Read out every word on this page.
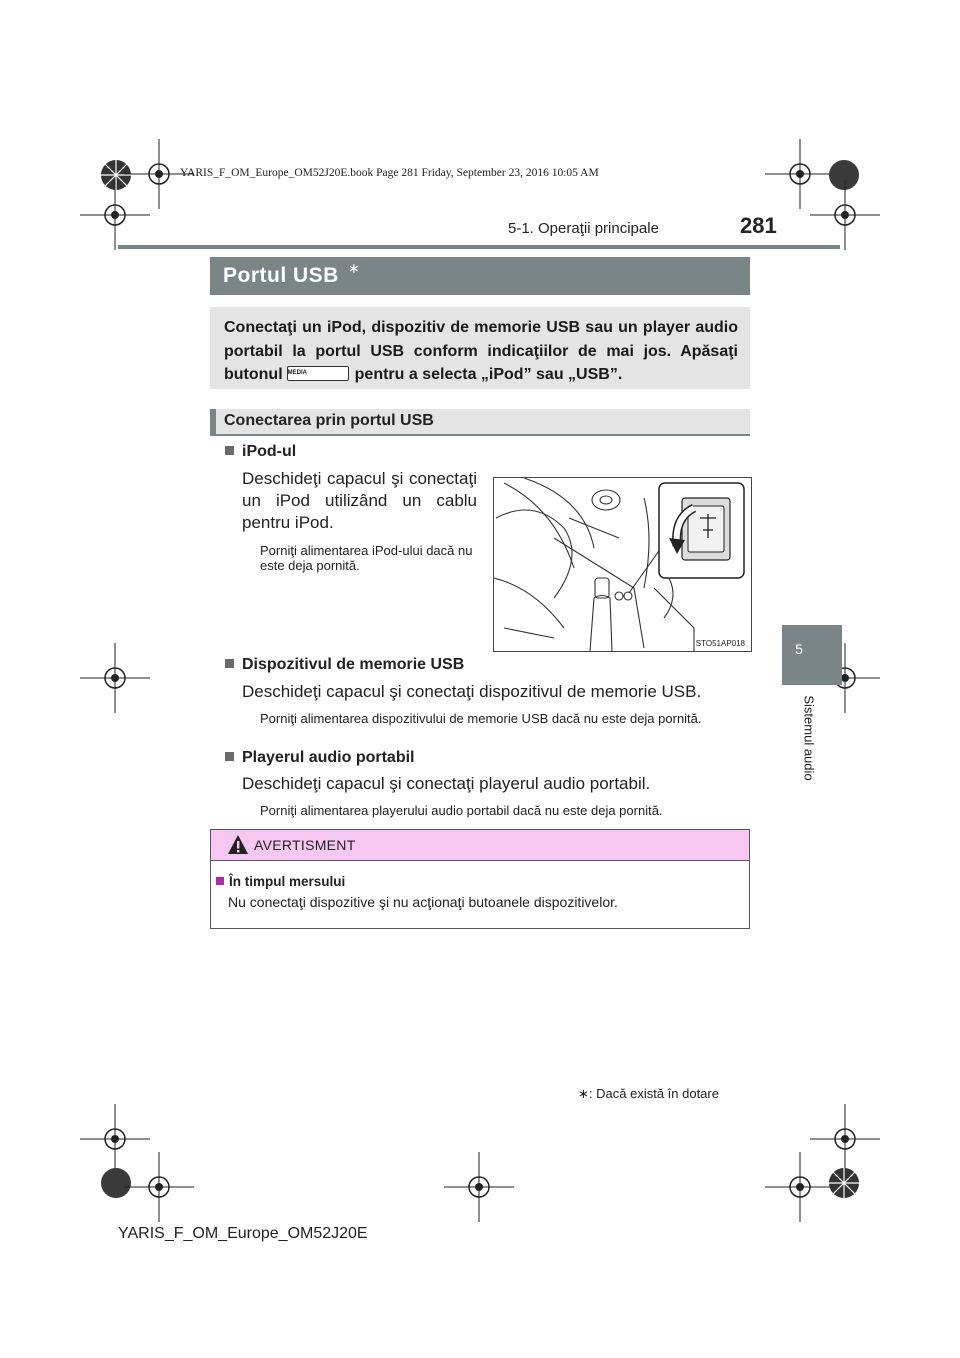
YARIS_F_OM_Europe_OM52J20E.book Page 281 Friday, September 23, 2016 10:05 AM
5-1. Operaţii principale	281
5
Sistemul audio
Portul USB ∗

Conectaţi un iPod, dispozitiv de memorie USB sau un player audio portabil la portul USB conform indicaţiilor de mai jos. Apăsaţi butonul MEDIA	pentru a selecta „iPod” sau „USB”.

Conectarea prin portul USB
iPod-ul
Deschideţi capacul şi conectaţi un iPod utilizând un cablu pentru iPod.
Porniţi alimentarea iPod-ului dacă nu este deja pornită.
STO51AP018
Dispozitivul de memorie USB
Deschideţi capacul şi conectaţi dispozitivul de memorie USB.
Porniţi alimentarea dispozitivului de memorie USB dacă nu este deja pornită.
Playerul audio portabil
Deschideţi capacul şi conectaţi playerul audio portabil.
Porniţi alimentarea playerului audio portabil dacă nu este deja pornită.
AVERTISMENT
În timpul mersului
Nu conectaţi dispozitive şi nu acţionaţi butoanele dispozitivelor.
∗: Dacă există în dotare
YARIS_F_OM_Europe_OM52J20E
